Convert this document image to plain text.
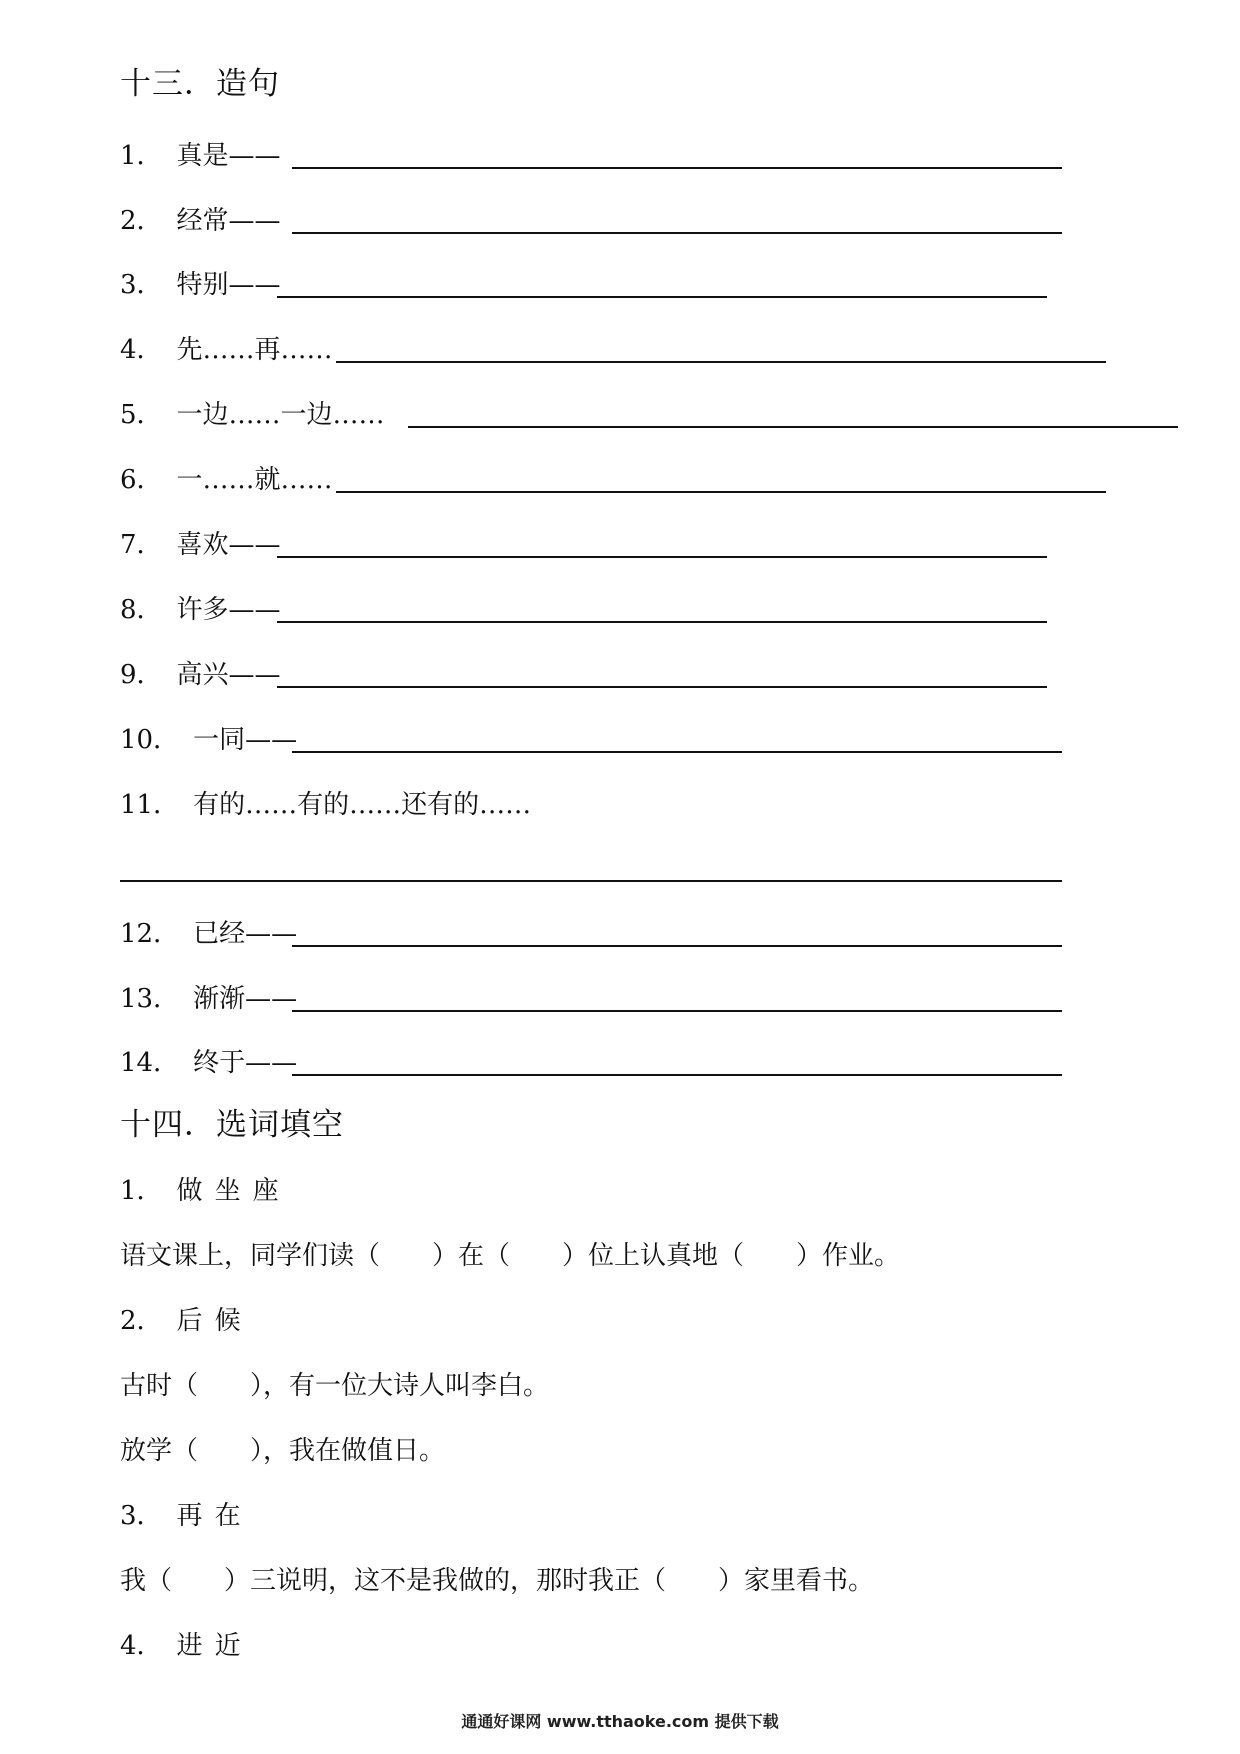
十三．造句
1． 真是——
2． 经常——
3． 特别——
4． 先……再……
5． 一边……一边……
6． 一……就……
7． 喜欢——
8． 许多——
9． 高兴——
10． 一同——
11． 有的……有的……还有的……
12． 已经——
13． 渐渐——
14． 终于——
十四．选词填空
1． 做 坐 座
语文课上，同学们读（　　）在（　　）位上认真地（　　）作业。
2． 后 候
古时（　　），有一位大诗人叫李白。
放学（　　），我在做值日。
3． 再 在
我（　　）三说明，这不是我做的，那时我正（　　）家里看书。
4． 进 近
通通好课网 www.tthaoke.com 提供下载
